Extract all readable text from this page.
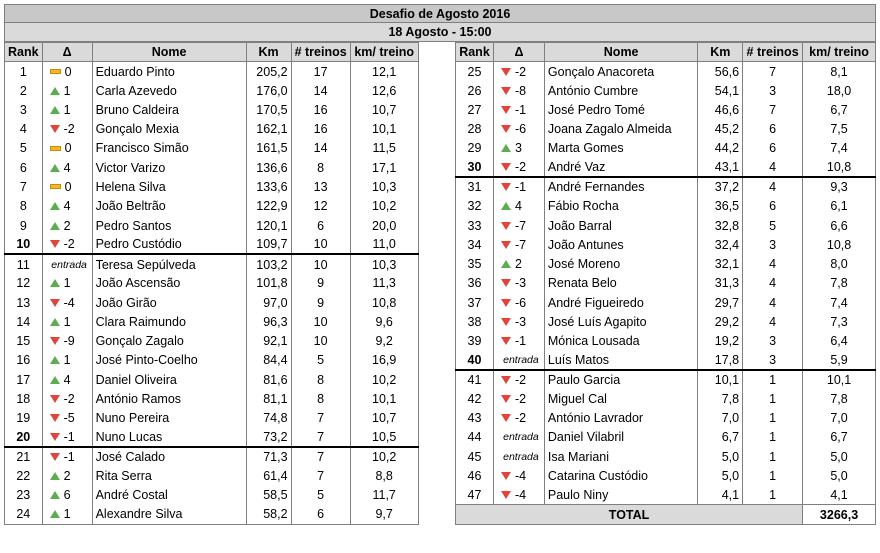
Desafio de Agosto 2016
18 Agosto - 15:00
Rank	Δ	Nome	Km	# treinos	km/ treino
1	0	Eduardo Pinto	205,2	17	12,1
2	1	Carla Azevedo	176,0	14	12,6
3	1	Bruno Caldeira	170,5	16	10,7
4	-2	Gonçalo Mexia	162,1	16	10,1
5	0	Francisco Simão	161,5	14	11,5
6	4	Victor Varizo	136,6	8	17,1
7	0	Helena Silva	133,6	13	10,3
8	4	João Beltrão	122,9	12	10,2
9	2	Pedro Santos	120,1	6	20,0
10	-2	Pedro Custódio	109,7	10	11,0
11	entrada	Teresa Sepúlveda	103,2	10	10,3
12	1	João Ascensão	101,8	9	11,3
13	-4	João Girão	97,0	9	10,8
14	1	Clara Raimundo	96,3	10	9,6
15	-9	Gonçalo Zagalo	92,1	10	9,2
16	1	José Pinto-Coelho	84,4	5	16,9
17	4	Daniel Oliveira	81,6	8	10,2
18	-2	António Ramos	81,1	8	10,1
19	-5	Nuno Pereira	74,8	7	10,7
20	-1	Nuno Lucas	73,2	7	10,5
21	-1	José Calado	71,3	7	10,2
22	2	Rita Serra	61,4	7	8,8
23	6	André Costal	58,5	5	11,7
24	1	Alexandre Silva	58,2	6	9,7
Rank	Δ	Nome	Km	# treinos	km/ treino
25	-2	Gonçalo Anacoreta	56,6	7	8,1
26	-8	António Cumbre	54,1	3	18,0
27	-1	José Pedro Tomé	46,6	7	6,7
28	-6	Joana Zagalo Almeida	45,2	6	7,5
29	3	Marta Gomes	44,2	6	7,4
30	-2	André Vaz	43,1	4	10,8
31	-1	André Fernandes	37,2	4	9,3
32	4	Fábio Rocha	36,5	6	6,1
33	-7	João Barral	32,8	5	6,6
34	-7	João Antunes	32,4	3	10,8
35	2	José Moreno	32,1	4	8,0
36	-3	Renata Belo	31,3	4	7,8
37	-6	André Figueiredo	29,7	4	7,4
38	-3	José Luís Agapito	29,2	4	7,3
39	-1	Mónica Lousada	19,2	3	6,4
40	entrada	Luís Matos	17,8	3	5,9
41	-2	Paulo Garcia	10,1	1	10,1
42	-2	Miguel Cal	7,8	1	7,8
43	-2	António Lavrador	7,0	1	7,0
44	entrada	Daniel Vilabril	6,7	1	6,7
45	entrada	Isa Mariani	5,0	1	5,0
46	-4	Catarina Custódio	5,0	1	5,0
47	-4	Paulo Niny	4,1	1	4,1
TOTAL					3266,3
